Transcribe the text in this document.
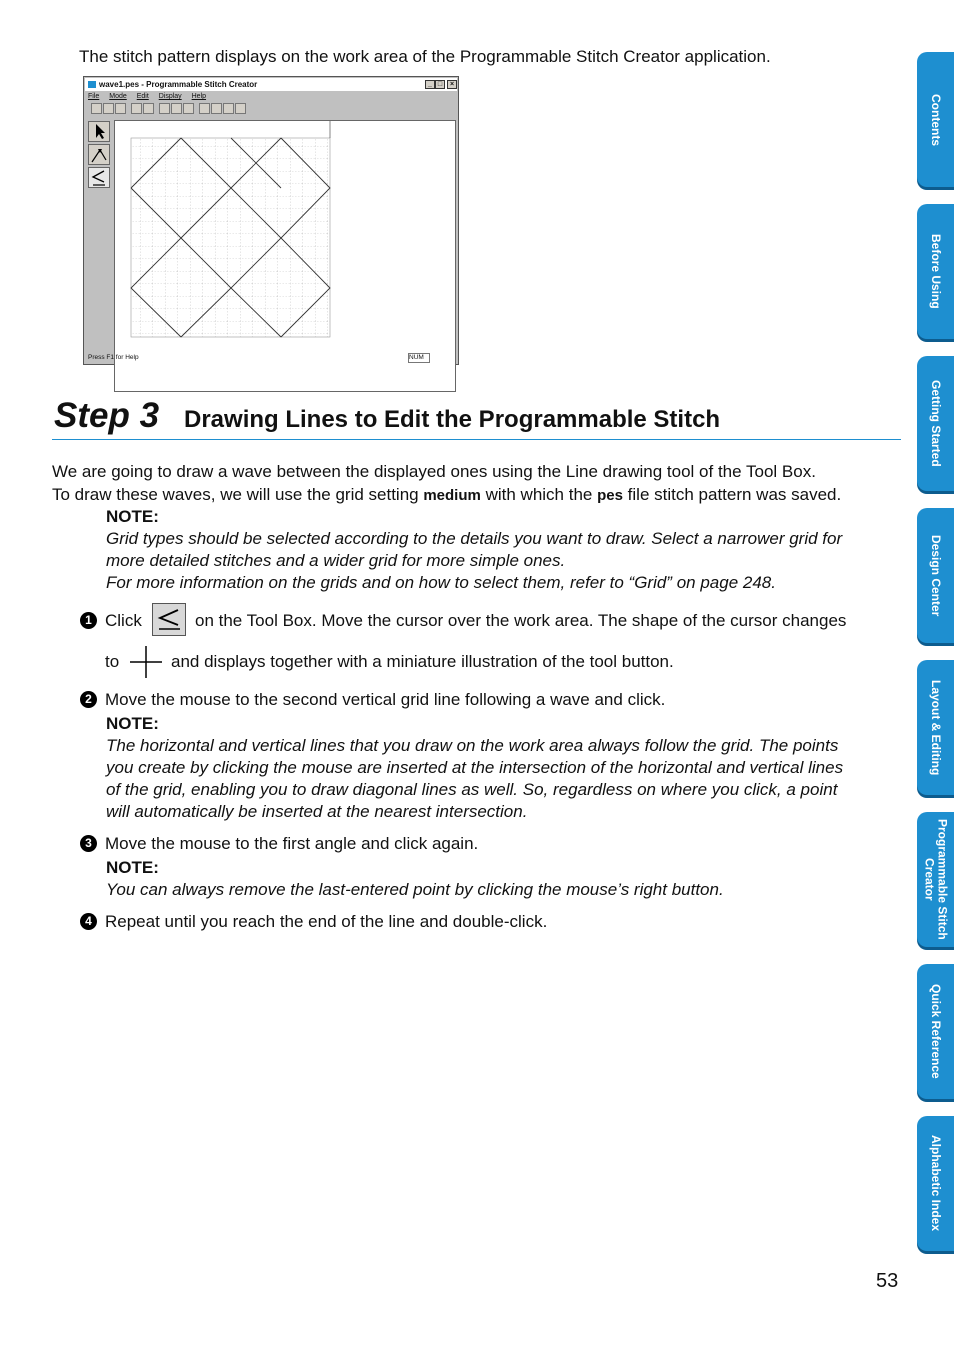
The stitch pattern displays on the work area of the Programmable Stitch Creator application.
wave1.pes - Programmable Stitch Creator	_ □	×
File Mode Edit Display Help
Press F1 for Help	NUM
Step 3 Drawing Lines to Edit the Programmable Stitch
We are going to draw a wave between the displayed ones using the Line drawing tool of the Tool Box.
To draw these waves, we will use the grid setting medium with which the pes file stitch pattern was saved.
NOTE:
Grid types should be selected according to the details you want to draw. Select a narrower grid for
more detailed stitches and a wider grid for more simple ones.
For more information on the grids and on how to select them, refer to “Grid” on page 248.
1 Click	on the Tool Box. Move the cursor over the work area. The shape of the cursor changes
to	and displays together with a miniature illustration of the tool button.
2 Move the mouse to the second vertical grid line following a wave and click.
NOTE:
The horizontal and vertical lines that you draw on the work area always follow the grid. The points
you create by clicking the mouse are inserted at the intersection of the horizontal and vertical lines
of the grid, enabling you to draw diagonal lines as well. So, regardless on where you click, a point
will automatically be inserted at the nearest intersection.
3 Move the mouse to the first angle and click again.
NOTE:
You can always remove the last-entered point by clicking the mouse’s right button.
4 Repeat until you reach the end of the line and double-click.
Contents
Before Using
Getting Started
Design Center
Layout & Editing
Programmable Stitch Creator
Quick Reference
Alphabetic Index
53
